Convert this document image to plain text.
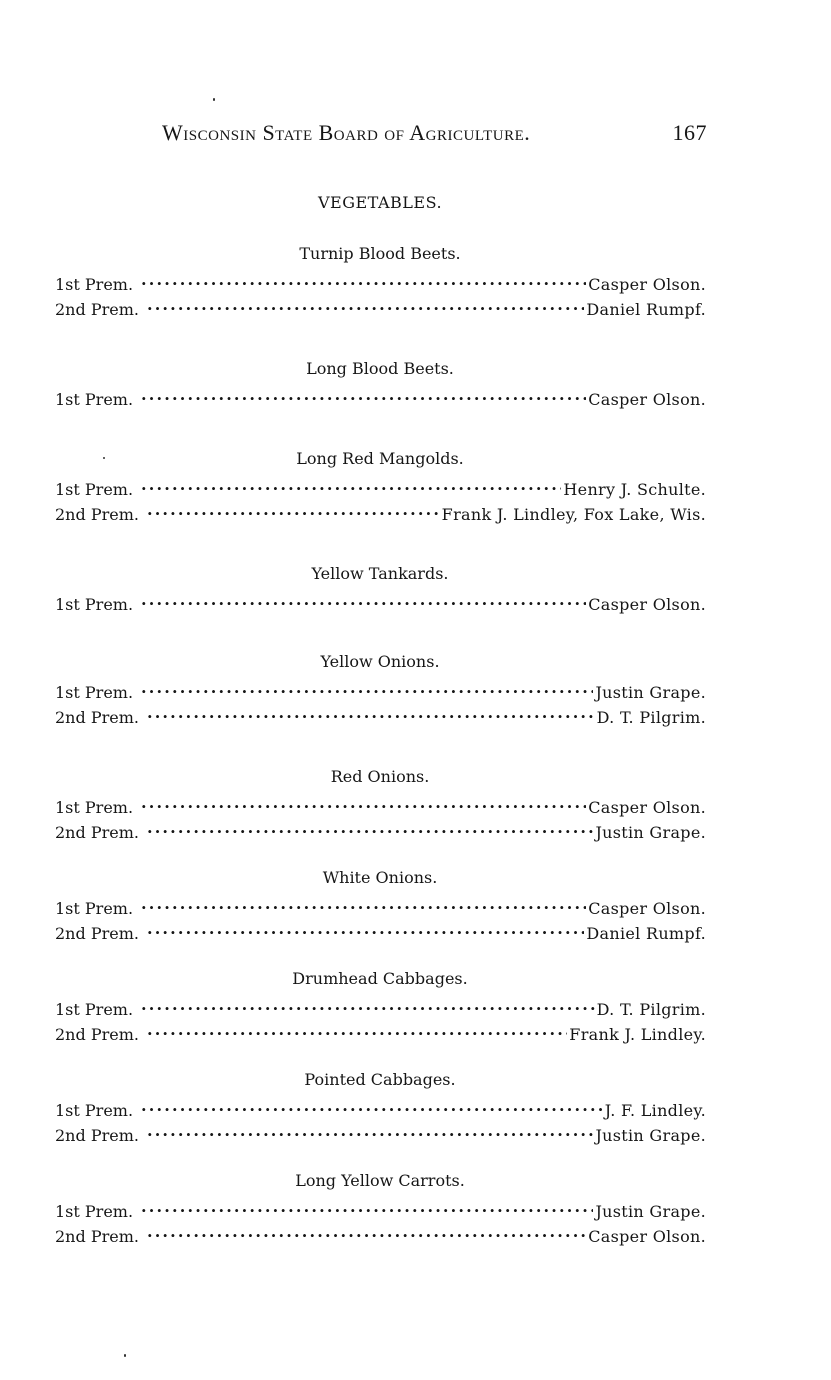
Wisconsin State Board of Agriculture.	167
VEGETABLES.
Turnip Blood Beets.
1st Prem. . . .	Casper Olson.
2nd Prem. . . .	Daniel Rumpf.
Long Blood Beets.
1st Prem. . . .	Casper Olson.
Long Red Mangolds.
1st Prem. . . .	Henry J. Schulte.
2nd Prem. . . .	Frank J. Lindley, Fox Lake, Wis.
Yellow Tankards.
1st Prem. . . .	Casper Olson.
Yellow Onions.
1st Prem. . . .	Justin Grape.
2nd Prem. . . .	D. T. Pilgrim.
Red Onions.
1st Prem. . . .	Casper Olson.
2nd Prem. . . .	Justin Grape.
White Onions.
1st Prem. . . .	Casper Olson.
2nd Prem. . . .	Daniel Rumpf.
Drumhead Cabbages.
1st Prem. . . .	D. T. Pilgrim.
2nd Prem. . . .	Frank J. Lindley.
Pointed Cabbages.
1st Prem. . . .	J. F. Lindley.
2nd Prem. . . .	Justin Grape.
Long Yellow Carrots.
1st Prem. . . .	Justin Grape.
2nd Prem. . . .	Casper Olson.
